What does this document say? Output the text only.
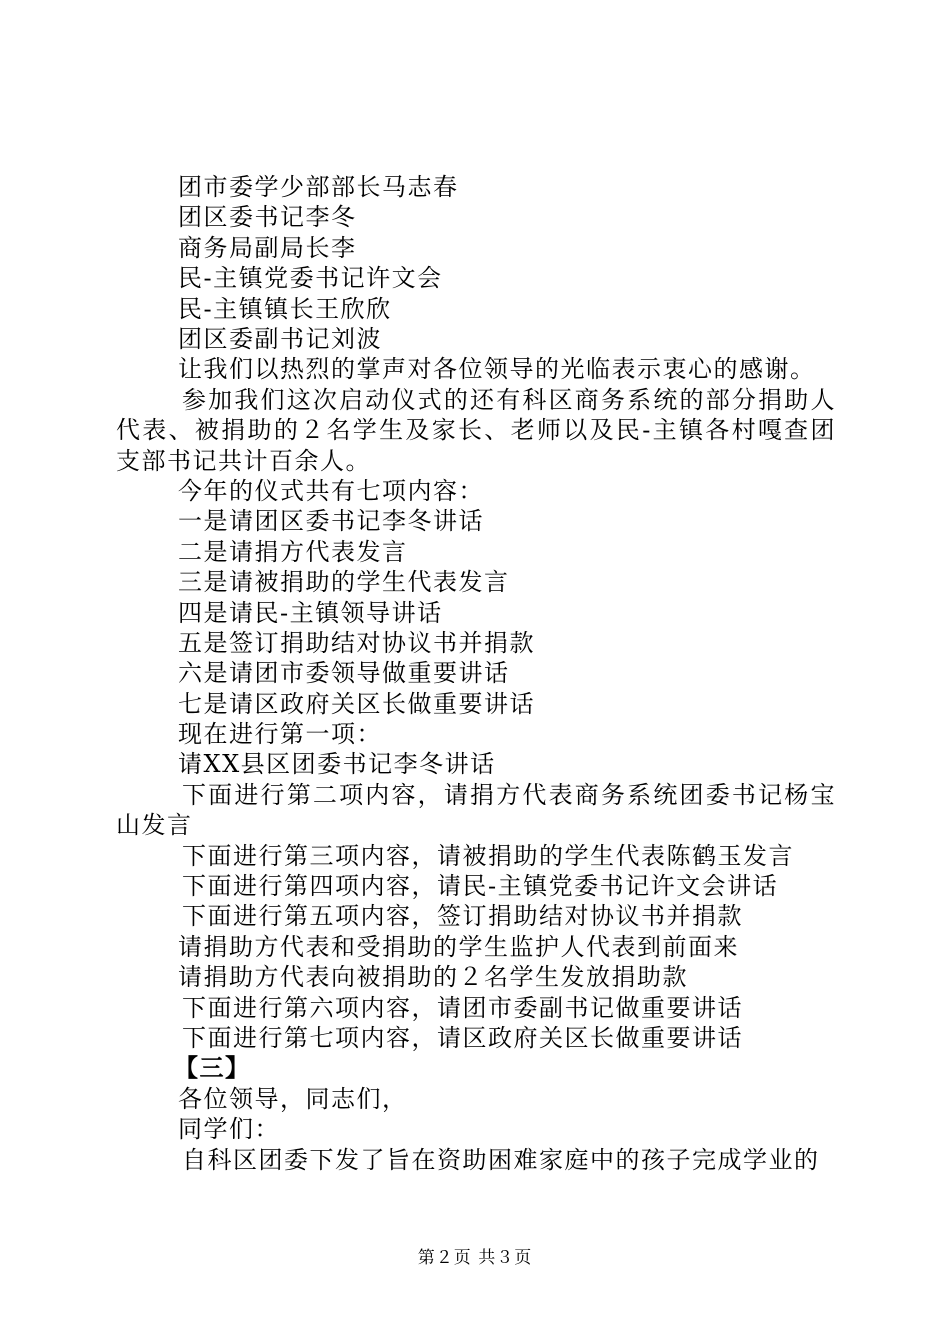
团市委学少部部长马志春
团区委书记李冬
商务局副局长李
民-主镇党委书记许文会
民-主镇镇长王欣欣
团区委副书记刘波
让我们以热烈的掌声对各位领导的光临表示衷心的感谢。
参加我们这次启动仪式的还有科区商务系统的部分捐助人代表、被捐助的２名学生及家长、老师以及民-主镇各村嘎查团支部书记共计百余人。
今年的仪式共有七项内容：
一是请团区委书记李冬讲话
二是请捐方代表发言
三是请被捐助的学生代表发言
四是请民-主镇领导讲话
五是签订捐助结对协议书并捐款
六是请团市委领导做重要讲话
七是请区政府关区长做重要讲话
现在进行第一项：
请XX县区团委书记李冬讲话
下面进行第二项内容，请捐方代表商务系统团委书记杨宝山发言
下面进行第三项内容，请被捐助的学生代表陈鹤玉发言
下面进行第四项内容，请民-主镇党委书记许文会讲话
下面进行第五项内容，签订捐助结对协议书并捐款
请捐助方代表和受捐助的学生监护人代表到前面来
请捐助方代表向被捐助的２名学生发放捐助款
下面进行第六项内容，请团市委副书记做重要讲话
下面进行第七项内容，请区政府关区长做重要讲话
【三】
各位领导，同志们，
同学们：
自科区团委下发了旨在资助困难家庭中的孩子完成学业的
第２页 共３页
